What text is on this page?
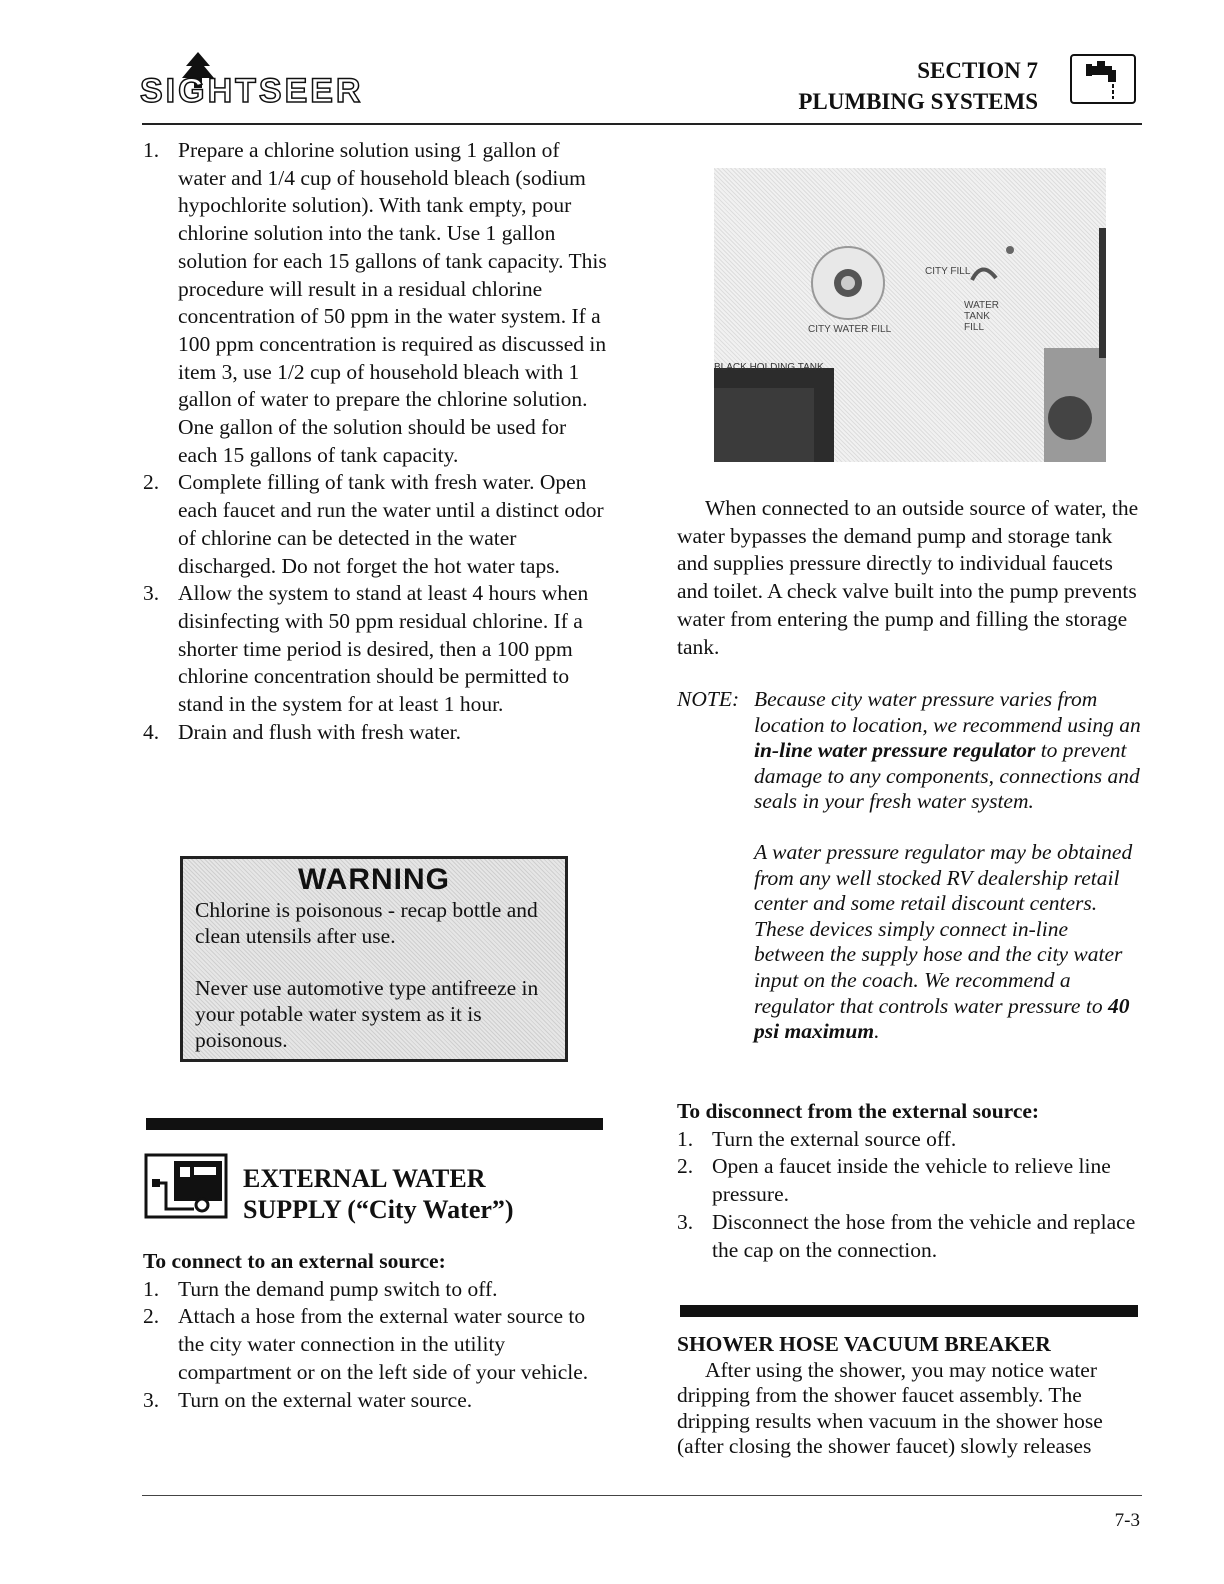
SIGHTSEER
SECTION 7
PLUMBING SYSTEMS
1. Prepare a chlorine solution using 1 gallon of water and 1/4 cup of household bleach (sodium hypochlorite solution). With tank empty, pour chlorine solution into the tank. Use 1 gallon solution for each 15 gallons of tank capacity. This procedure will result in a residual chlorine concentration of 50 ppm in the water system. If a 100 ppm concentration is required as discussed in item 3, use 1/2 cup of household bleach with 1 gallon of water to prepare the chlorine solution. One gallon of the solution should be used for each 15 gallons of tank capacity.
2. Complete filling of tank with fresh water. Open each faucet and run the water until a distinct odor of chlorine can be detected in the water discharged. Do not forget the hot water taps.
3. Allow the system to stand at least 4 hours when disinfecting with 50 ppm residual chlorine. If a shorter time period is desired, then a 100 ppm chlorine concentration should be permitted to stand in the system for at least 1 hour.
4. Drain and flush with fresh water.
WARNING

Chlorine is poisonous - recap bottle and clean utensils after use.

Never use automotive type antifreeze in your potable water system as it is poisonous.

EXTERNAL WATER SUPPLY (“City Water”)
To connect to an external source:
1. Turn the demand pump switch to off.
2. Attach a hose from the external water source to the city water connection in the utility compartment or on the left side of your vehicle.
3. Turn on the external water source.
CITY FILL
CITY WATER FILL
WATER TANK FILL
BLACK HOLDING TANK
When connected to an outside source of water, the water bypasses the demand pump and storage tank and supplies pressure directly to individual faucets and toilet. A check valve built into the pump prevents water from entering the pump and filling the storage tank.
NOTE: Because city water pressure varies from location to location, we recommend using an in-line water pressure regulator to prevent damage to any components, connections and seals in your fresh water system.
A water pressure regulator may be obtained from any well stocked RV dealership retail center and some retail discount centers. These devices simply connect in-line between the supply hose and the city water input on the coach. We recommend a regulator that controls water pressure to 40 psi maximum.
To disconnect from the external source:
1. Turn the external source off.
2. Open a faucet inside the vehicle to relieve line pressure.
3. Disconnect the hose from the vehicle and replace the cap on the connection.
SHOWER HOSE VACUUM BREAKER
After using the shower, you may notice water dripping from the shower faucet assembly. The dripping results when vacuum in the shower hose (after closing the shower faucet) slowly releases
7-3
